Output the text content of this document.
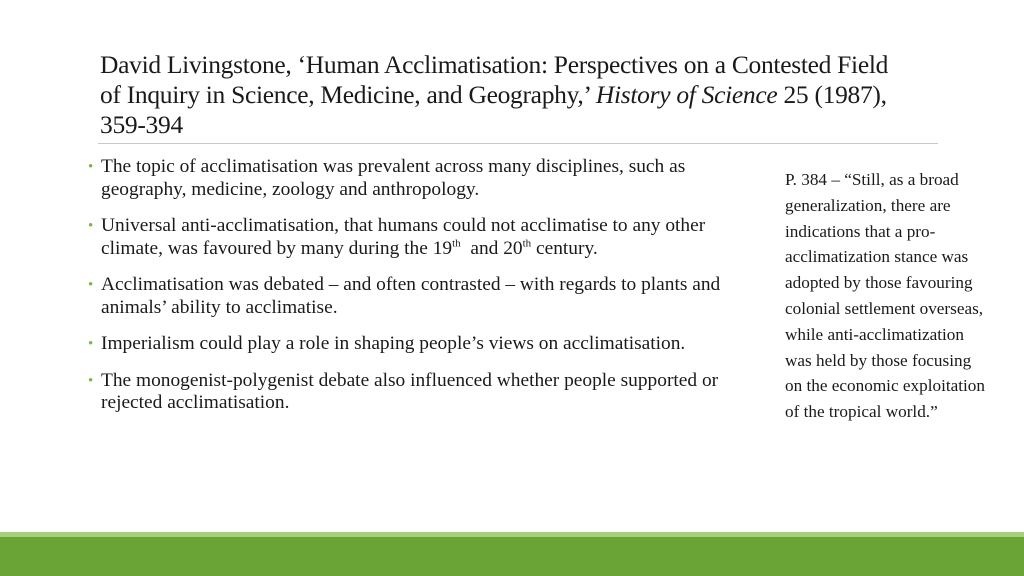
David Livingstone, ‘Human Acclimatisation: Perspectives on a Contested Field of Inquiry in Science, Medicine, and Geography,’ History of Science 25 (1987), 359-394
• The topic of acclimatisation was prevalent across many disciplines, such as geography, medicine, zoology and anthropology.
• Universal anti-acclimatisation, that humans could not acclimatise to any other climate, was favoured by many during the 19th  and 20th century.
• Acclimatisation was debated – and often contrasted – with regards to plants and animals’ ability to acclimatise.
• Imperialism could play a role in shaping people’s views on acclimatisation.
• The monogenist-polygenist debate also influenced whether people supported or rejected acclimatisation.

P. 384 – “Still, as a broad generalization, there are indications that a pro-acclimatization stance was adopted by those favouring colonial settlement overseas, while anti-acclimatization was held by those focusing on the economic exploitation of the tropical world.”
